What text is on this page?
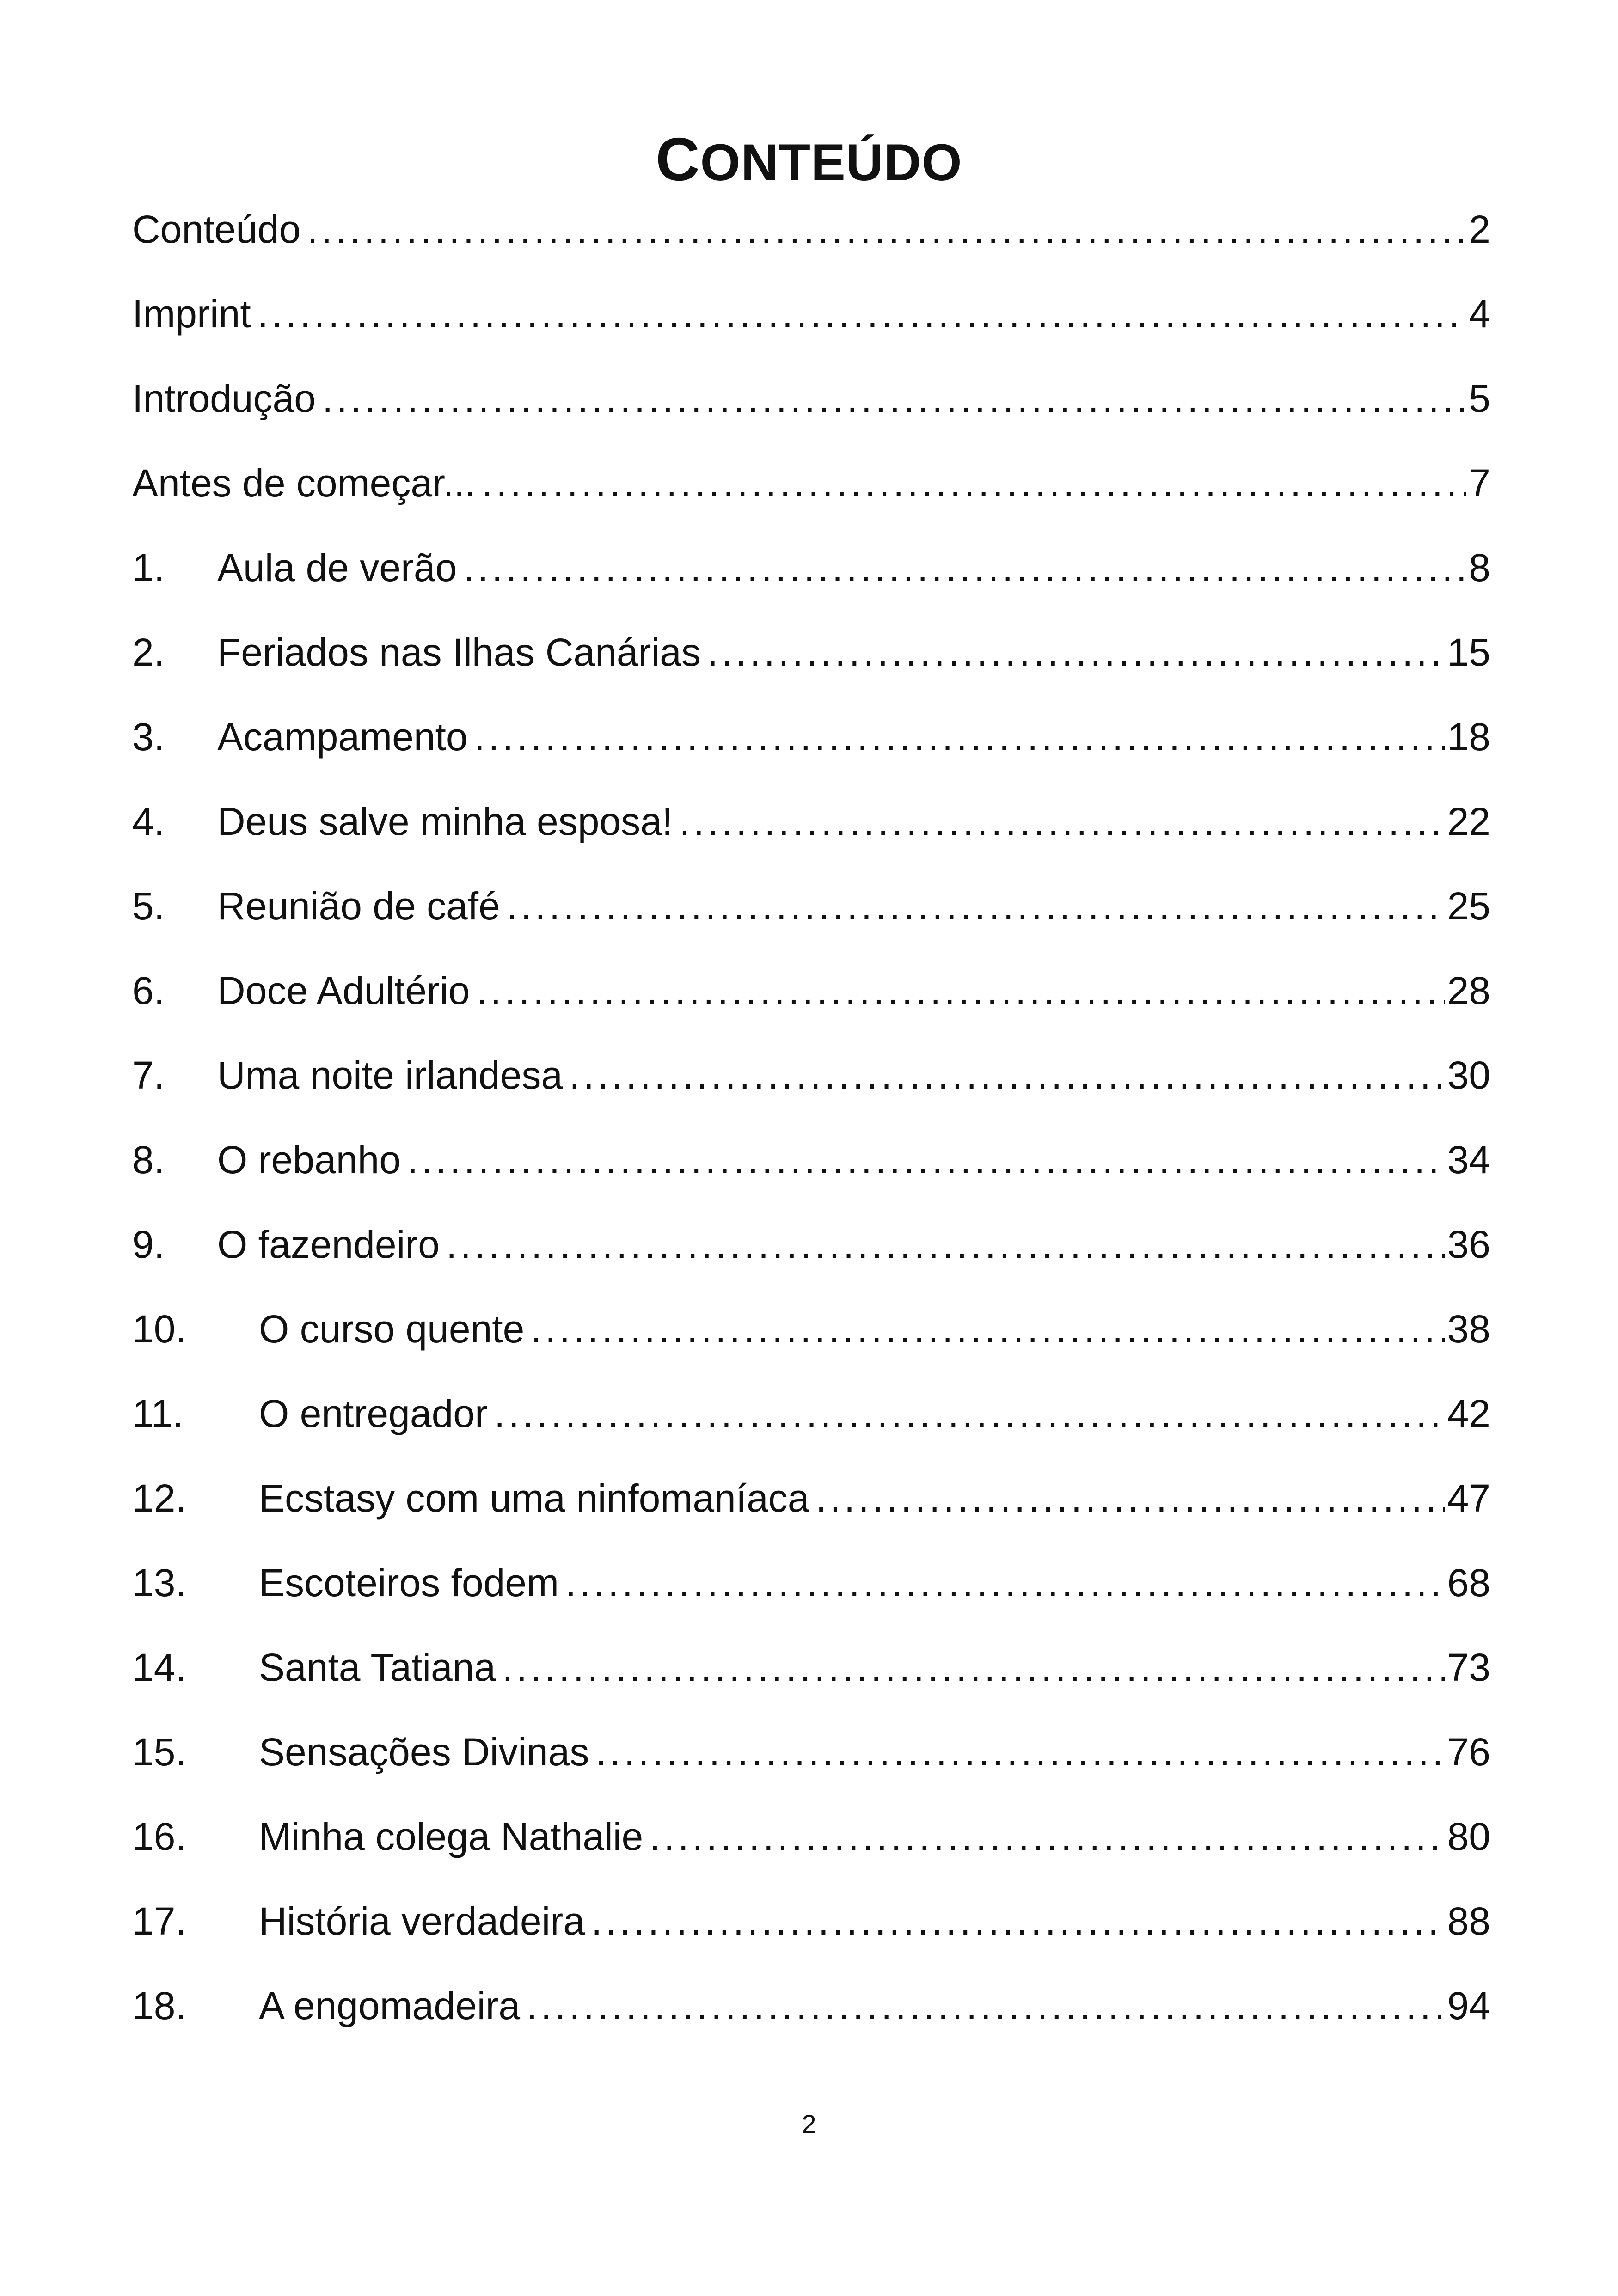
CONTEÚDO
Conteúdo . . .	2
Imprint . . .	4
Introdução . . .	5
Antes de começar... . . .	7
1.	Aula de verão . . .	8
2.	Feriados nas Ilhas Canárias . . .	15
3.	Acampamento . . .	18
4.	Deus salve minha esposa! . . .	22
5.	Reunião de café . . .	25
6.	Doce Adultério . . .	28
7.	Uma noite irlandesa . . .	30
8.	O rebanho . . .	34
9.	O fazendeiro . . .	36
10.	O curso quente . . .	38
11.	O entregador . . .	42
12.	Ecstasy com uma ninfomaníaca . . .	47
13.	Escoteiros fodem . . .	68
14.	Santa Tatiana . . .	73
15.	Sensações Divinas . . .	76
16.	Minha colega Nathalie . . .	80
17.	História verdadeira . . .	88
18.	A engomadeira . . .	94
2
